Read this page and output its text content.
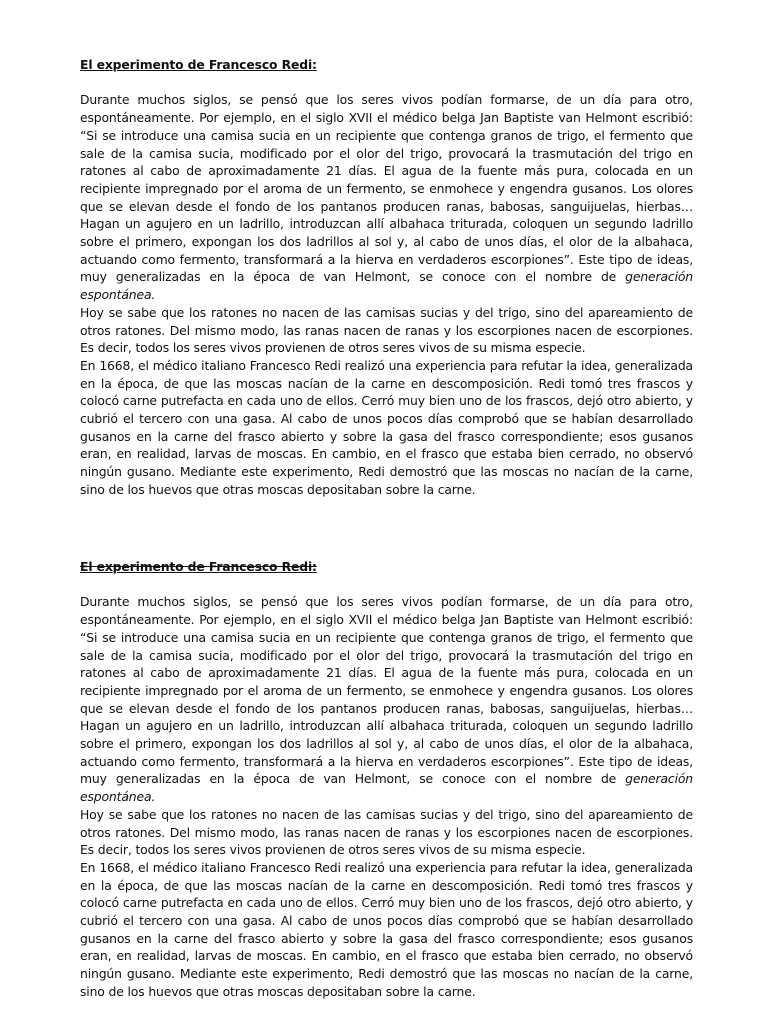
El experimento de Francesco Redi:

Durante muchos siglos, se pensó que los seres vivos podían formarse, de un día para otro, espontáneamente. Por ejemplo, en el siglo XVII el médico belga Jan Baptiste van Helmont escribió: “Si se introduce una camisa sucia en un recipiente que contenga granos de trigo, el fermento que sale de la camisa sucia, modificado por el olor del trigo, provocará la trasmutación del trigo en ratones al cabo de aproximadamente 21 días. El agua de la fuente más pura, colocada en un recipiente impregnado por el aroma de un fermento, se enmohece y engendra gusanos. Los olores que se elevan desde el fondo de los pantanos producen ranas, babosas, sanguijuelas, hierbas… Hagan un agujero en un ladrillo, introduzcan allí albahaca triturada, coloquen un segundo ladrillo sobre el primero, expongan los dos ladrillos al sol y, al cabo de unos días, el olor de la albahaca, actuando como fermento, transformará a la hierva en verdaderos escorpiones”. Este tipo de ideas, muy generalizadas en la época de van Helmont, se conoce con el nombre de generación espontánea.

Hoy se sabe que los ratones no nacen de las camisas sucias y del trigo, sino del apareamiento de otros ratones. Del mismo modo, las ranas nacen de ranas y los escorpiones nacen de escorpiones. Es decir, todos los seres vivos provienen de otros seres vivos de su misma especie.

En 1668, el médico italiano Francesco Redi realizó una experiencia para refutar la idea, generalizada en la época, de que las moscas nacían de la carne en descomposición. Redi tomó tres frascos y colocó carne putrefacta en cada uno de ellos. Cerró muy bien uno de los frascos, dejó otro abierto, y cubrió el tercero con una gasa. Al cabo de unos pocos días comprobó que se habían desarrollado gusanos en la carne del frasco abierto y sobre la gasa del frasco correspondiente; esos gusanos eran, en realidad, larvas de moscas. En cambio, en el frasco que estaba bien cerrado, no observó ningún gusano. Mediante este experimento, Redi demostró que las moscas no nacían de la carne, sino de los huevos que otras moscas depositaban sobre la carne.

El experimento de Francesco Redi:

Durante muchos siglos, se pensó que los seres vivos podían formarse, de un día para otro, espontáneamente. Por ejemplo, en el siglo XVII el médico belga Jan Baptiste van Helmont escribió: “Si se introduce una camisa sucia en un recipiente que contenga granos de trigo, el fermento que sale de la camisa sucia, modificado por el olor del trigo, provocará la trasmutación del trigo en ratones al cabo de aproximadamente 21 días. El agua de la fuente más pura, colocada en un recipiente impregnado por el aroma de un fermento, se enmohece y engendra gusanos. Los olores que se elevan desde el fondo de los pantanos producen ranas, babosas, sanguijuelas, hierbas… Hagan un agujero en un ladrillo, introduzcan allí albahaca triturada, coloquen un segundo ladrillo sobre el primero, expongan los dos ladrillos al sol y, al cabo de unos días, el olor de la albahaca, actuando como fermento, transformará a la hierva en verdaderos escorpiones”. Este tipo de ideas, muy generalizadas en la época de van Helmont, se conoce con el nombre de generación espontánea.

Hoy se sabe que los ratones no nacen de las camisas sucias y del trigo, sino del apareamiento de otros ratones. Del mismo modo, las ranas nacen de ranas y los escorpiones nacen de escorpiones. Es decir, todos los seres vivos provienen de otros seres vivos de su misma especie.

En 1668, el médico italiano Francesco Redi realizó una experiencia para refutar la idea, generalizada en la época, de que las moscas nacían de la carne en descomposición. Redi tomó tres frascos y colocó carne putrefacta en cada uno de ellos. Cerró muy bien uno de los frascos, dejó otro abierto, y cubrió el tercero con una gasa. Al cabo de unos pocos días comprobó que se habían desarrollado gusanos en la carne del frasco abierto y sobre la gasa del frasco correspondiente; esos gusanos eran, en realidad, larvas de moscas. En cambio, en el frasco que estaba bien cerrado, no observó ningún gusano. Mediante este experimento, Redi demostró que las moscas no nacían de la carne, sino de los huevos que otras moscas depositaban sobre la carne.
